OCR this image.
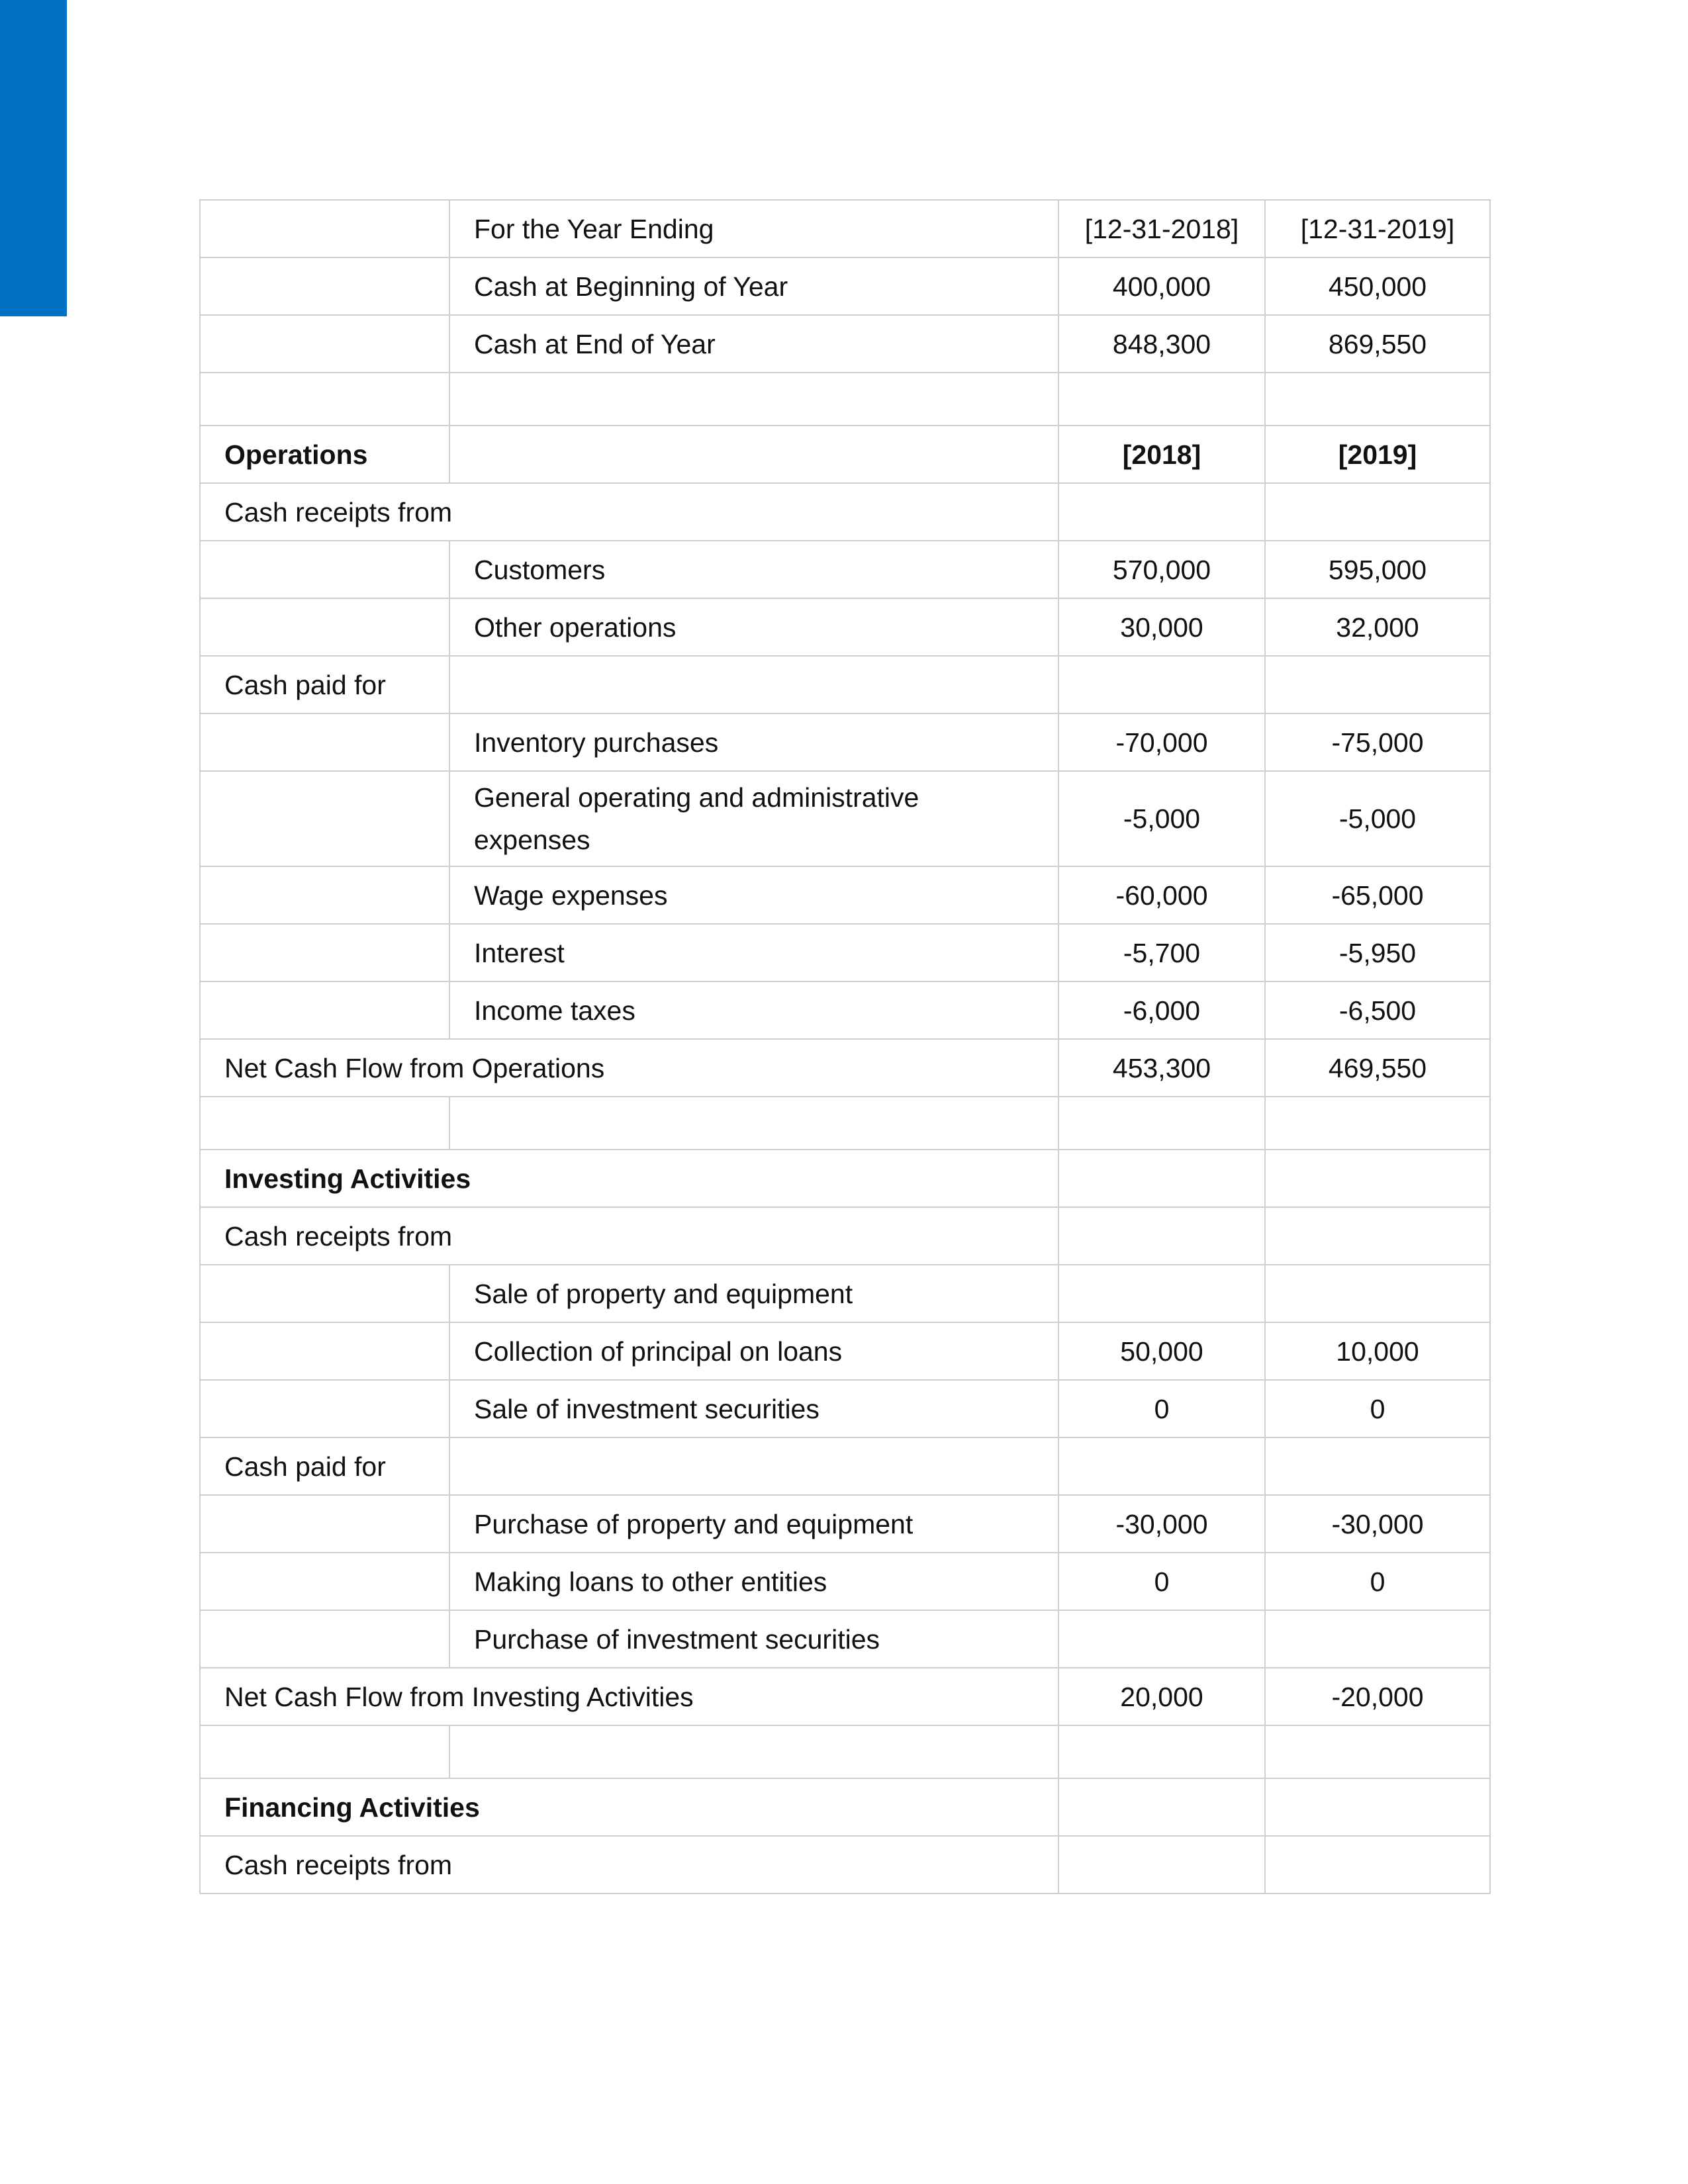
	For the Year Ending	[12-31-2018]	[12-31-2019]
	Cash at Beginning of Year	400,000	450,000
	Cash at End of Year	848,300	869,550

Operations		[2018]	[2019]
Cash receipts from			
	Customers	570,000	595,000
	Other operations	30,000	32,000
Cash paid for			
	Inventory purchases	-70,000	-75,000
	General operating and administrative expenses	-5,000	-5,000
	Wage expenses	-60,000	-65,000
	Interest	-5,700	-5,950
	Income taxes	-6,000	-6,500
Net Cash Flow from Operations		453,300	469,550

Investing Activities			
Cash receipts from			
	Sale of property and equipment		
	Collection of principal on loans	50,000	10,000
	Sale of investment securities	0	0
Cash paid for			
	Purchase of property and equipment	-30,000	-30,000
	Making loans to other entities	0	0
	Purchase of investment securities		
Net Cash Flow from Investing Activities		20,000	-20,000

Financing Activities			
Cash receipts from			
